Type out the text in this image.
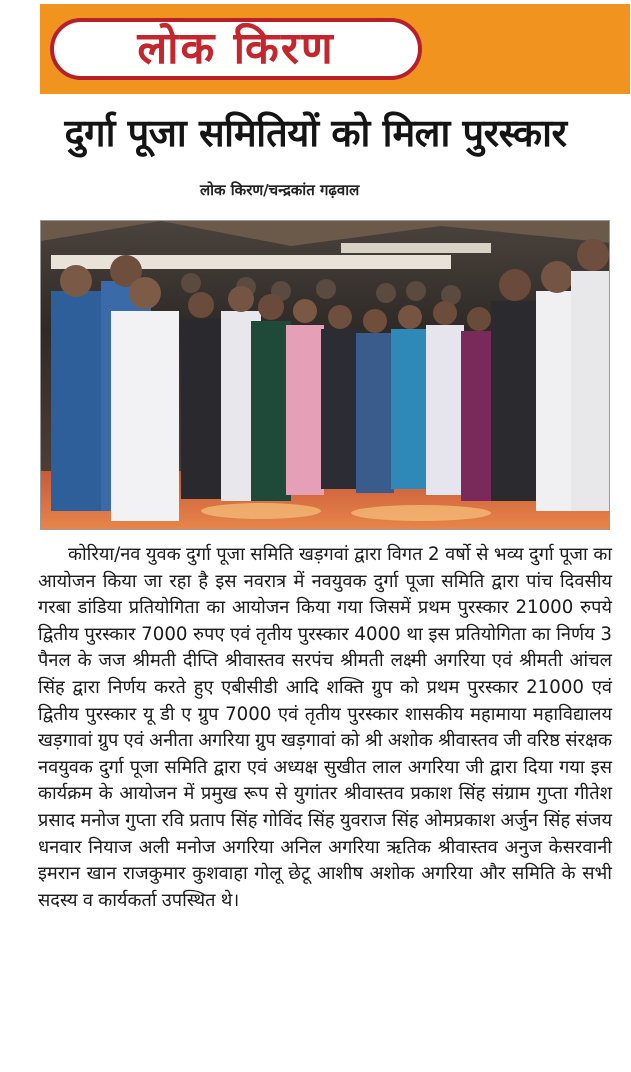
लोक किरण
दुर्गा पूजा समितियों को मिला पुरस्कार
लोक किरण/चन्द्रकांत गढ़वाल
कोरिया/नव युवक दुर्गा पूजा समिति खड़गवां द्वारा विगत 2 वर्षो से भव्य दुर्गा पूजा का आयोजन किया जा रहा है इस नवरात्र में नवयुवक दुर्गा पूजा समिति द्वारा पांच दिवसीय गरबा डांडिया प्रतियोगिता का आयोजन किया गया जिसमें प्रथम पुरस्कार 21000 रुपये द्वितीय पुरस्कार 7000 रुपए एवं तृतीय पुरस्कार 4000 था इस प्रतियोगिता का निर्णय 3 पैनल के जज श्रीमती दीप्ति श्रीवास्तव सरपंच श्रीमती लक्ष्मी अगरिया एवं श्रीमती आंचल सिंह द्वारा निर्णय करते हुए एबीसीडी आदि शक्ति ग्रुप को प्रथम पुरस्कार 21000 एवं द्वितीय पुरस्कार यू डी ए ग्रुप 7000 एवं तृतीय पुरस्कार शासकीय महामाया महाविद्यालय खड़गावां ग्रुप एवं अनीता अगरिया ग्रुप खड़गावां को श्री अशोक श्रीवास्तव जी वरिष्ठ संरक्षक नवयुवक दुर्गा पूजा समिति द्वारा एवं अध्यक्ष सुखीत लाल अगरिया जी द्वारा दिया गया इस कार्यक्रम के आयोजन में प्रमुख रूप से युगांतर श्रीवास्तव प्रकाश सिंह संग्राम गुप्ता गीतेश प्रसाद मनोज गुप्ता रवि प्रताप सिंह गोविंद सिंह युवराज सिंह ओमप्रकाश अर्जुन सिंह संजय धनवार नियाज अली मनोज अगरिया अनिल अगरिया ऋतिक श्रीवास्तव अनुज केसरवानी इमरान खान राजकुमार कुशवाहा गोलू छेटू आशीष अशोक अगरिया और समिति के सभी सदस्य व कार्यकर्ता उपस्थित थे।
